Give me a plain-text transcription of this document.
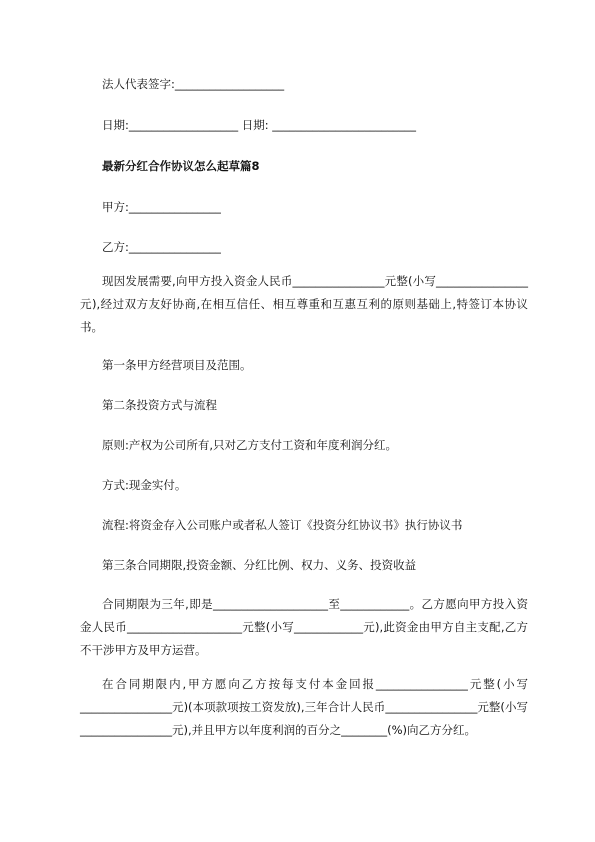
法人代表签字:___________________
日期:___________________ 日期: _________________________
最新分红合作协议怎么起草篇8
甲方:________________
乙方:________________
现因发展需要,向甲方投入资金人民币________________元整(小写________________元),经过双方友好协商,在相互信任、相互尊重和互惠互利的原则基础上,特签订本协议书。
第一条甲方经营项目及范围。
第二条投资方式与流程
原则:产权为公司所有,只对乙方支付工资和年度利润分红。
方式:现金实付。
流程:将资金存入公司账户或者私人签订《投资分红协议书》执行协议书
第三条合同期限,投资金额、分红比例、权力、义务、投资收益
合同期限为三年,即是____________________至____________。乙方愿向甲方投入资金人民币____________________元整(小写____________元),此资金由甲方自主支配,乙方不干涉甲方及甲方运营。
在合同期限内,甲方愿向乙方按每支付本金回报________________元整(小写________________元)(本项款项按工资发放),三年合计人民币________________元整(小写________________元),并且甲方以年度利润的百分之________(%)向乙方分红。
